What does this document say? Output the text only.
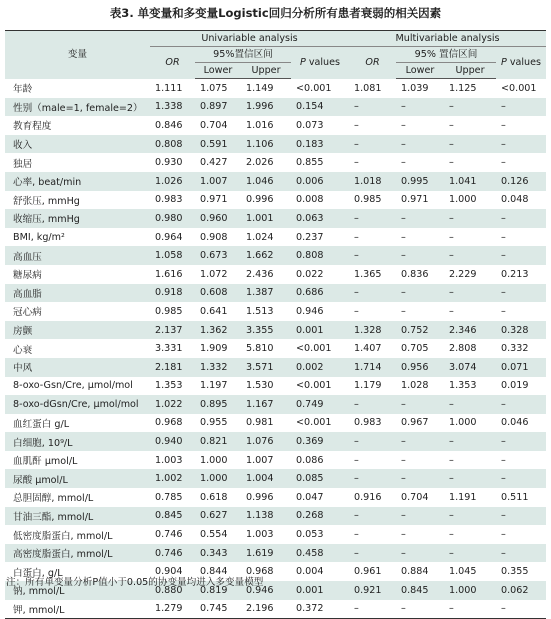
表3. 单变量和多变量Logistic回归分析所有患者衰弱的相关因素
变量	Univariable analysis				Multivariable analysis			
	OR	95%置信区间		P values	OR	95% 置信区间		P values
		Lower	Upper			Lower	Upper	
年龄	1.111	1.075	1.149	<0.001	1.081	1.039	1.125	<0.001
性别（male=1, female=2）	1.338	0.897	1.996	0.154	–	–	–	–
教育程度	0.846	0.704	1.016	0.073	–	–	–	–
收入	0.808	0.591	1.106	0.183	–	–	–	–
独居	0.930	0.427	2.026	0.855	–	–	–	–
心率, beat/min	1.026	1.007	1.046	0.006	1.018	0.995	1.041	0.126
舒张压, mmHg	0.983	0.971	0.996	0.008	0.985	0.971	1.000	0.048
收缩压, mmHg	0.980	0.960	1.001	0.063	–	–	–	–
BMI, kg/m²	0.964	0.908	1.024	0.237	–	–	–	–
高血压	1.058	0.673	1.662	0.808	–	–	–	–
糖尿病	1.616	1.072	2.436	0.022	1.365	0.836	2.229	0.213
高血脂	0.918	0.608	1.387	0.686	–	–	–	–
冠心病	0.985	0.641	1.513	0.946	–	–	–	–
房颤	2.137	1.362	3.355	0.001	1.328	0.752	2.346	0.328
心衰	3.331	1.909	5.810	<0.001	1.407	0.705	2.808	0.332
中风	2.181	1.332	3.571	0.002	1.714	0.956	3.074	0.071
8-oxo-Gsn/Cre, μmol/mol	1.353	1.197	1.530	<0.001	1.179	1.028	1.353	0.019
8-oxo-dGsn/Cre, μmol/mol	1.022	0.895	1.167	0.749	–	–	–	–
血红蛋白 g/L	0.968	0.955	0.981	<0.001	0.983	0.967	1.000	0.046
白细胞, 10⁹/L	0.940	0.821	1.076	0.369	–	–	–	–
血肌酐 μmol/L	1.003	1.000	1.007	0.086	–	–	–	–
尿酸 μmol/L	1.002	1.000	1.004	0.085	–	–	–	–
总胆固醇, mmol/L	0.785	0.618	0.996	0.047	0.916	0.704	1.191	0.511
甘油三酯, mmol/L	0.845	0.627	1.138	0.268	–	–	–	–
低密度脂蛋白, mmol/L	0.746	0.554	1.003	0.053	–	–	–	–
高密度脂蛋白, mmol/L	0.746	0.343	1.619	0.458	–	–	–	–
白蛋白, g/L	0.904	0.844	0.968	0.004	0.961	0.884	1.045	0.355
钠, mmol/L	0.880	0.819	0.946	0.001	0.921	0.845	1.000	0.062
钾, mmol/L	1.279	0.745	2.196	0.372	–	–	–	–
注：所有单变量分析P值小于0.05的协变量均进入多变量模型
